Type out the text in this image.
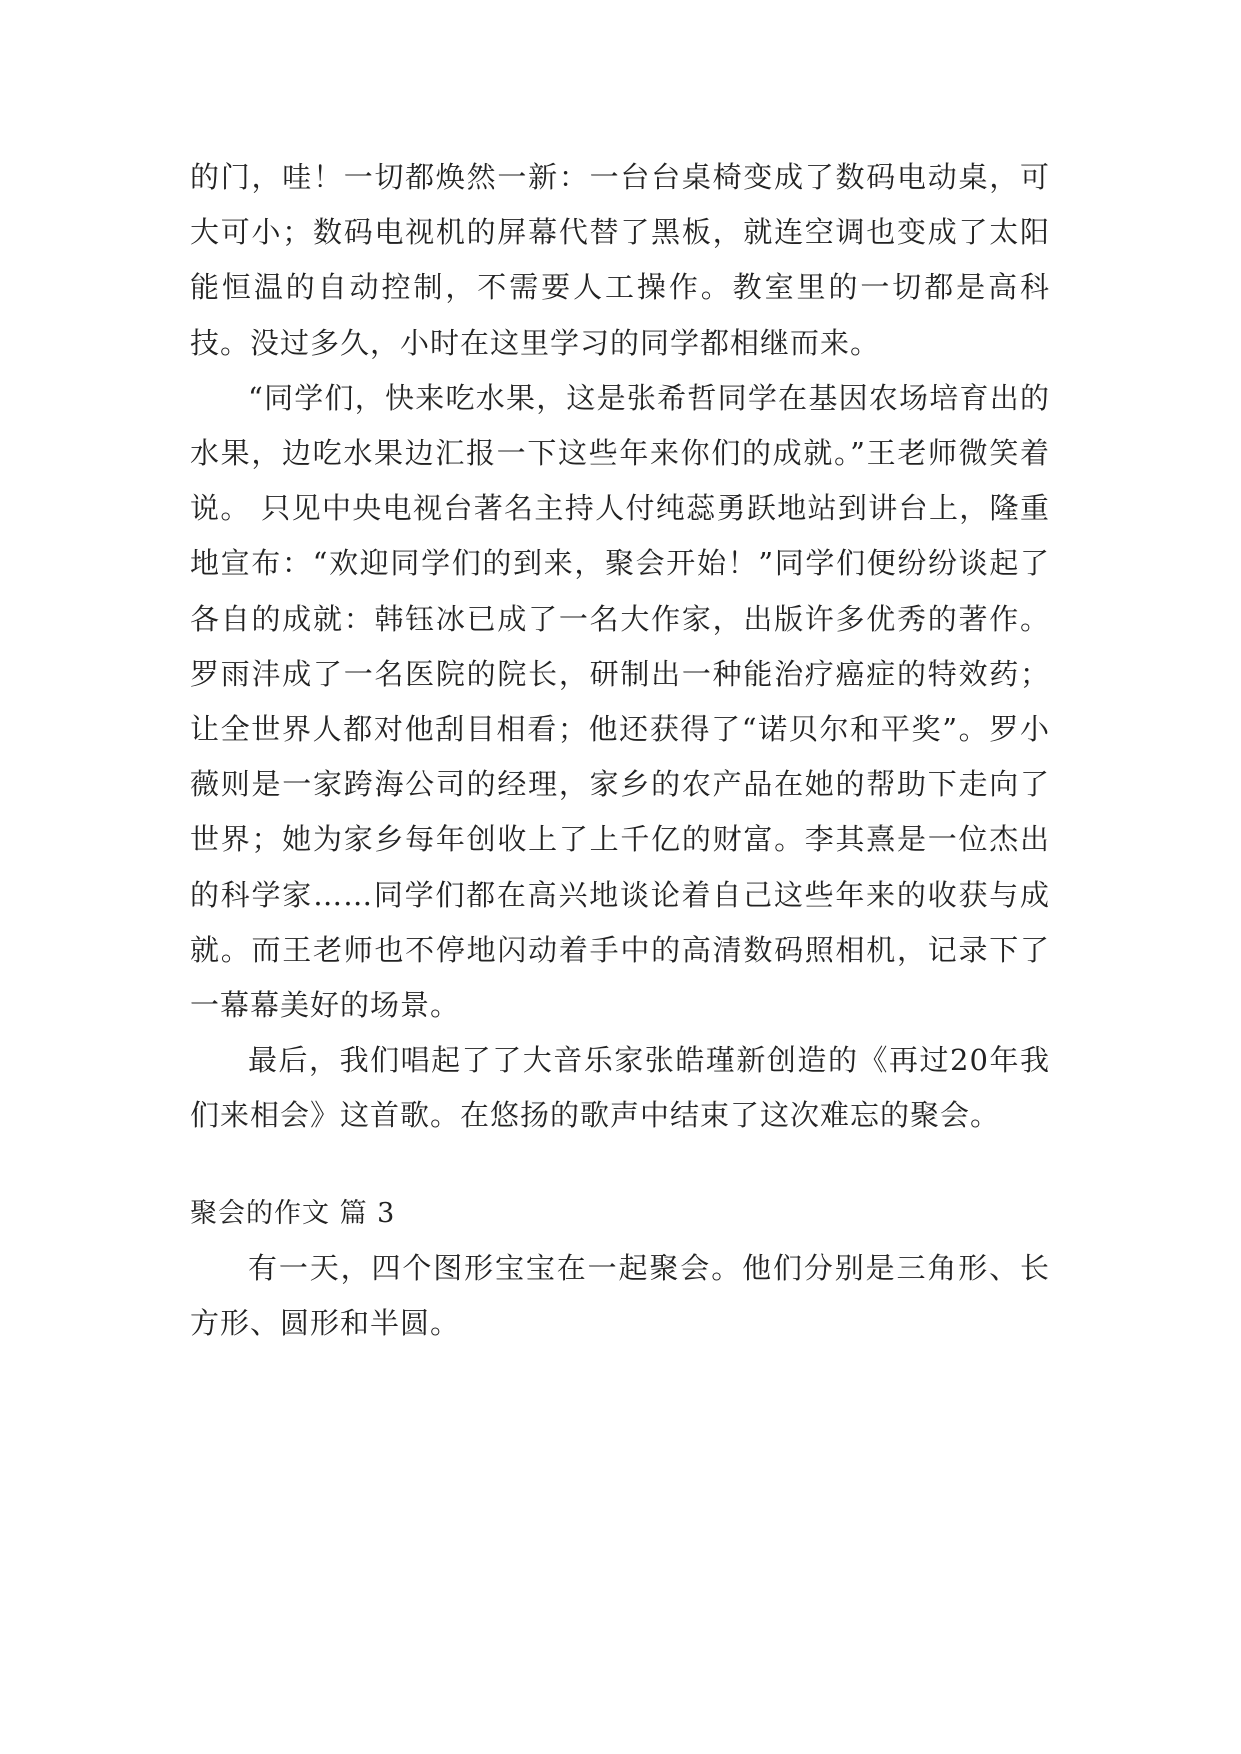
的门，哇！一切都焕然一新：一台台桌椅变成了数码电动桌，可大可小；数码电视机的屏幕代替了黑板，就连空调也变成了太阳能恒温的自动控制，不需要人工操作。教室里的一切都是高科技。没过多久，小时在这里学习的同学都相继而来。

“同学们，快来吃水果，这是张希哲同学在基因农场培育出的水果，边吃水果边汇报一下这些年来你们的成就。”王老师微笑着说。 只见中央电视台著名主持人付纯蕊勇跃地站到讲台上，隆重地宣布：“欢迎同学们的到来，聚会开始！”同学们便纷纷谈起了各自的成就：韩钰冰已成了一名大作家，出版许多优秀的著作。罗雨沣成了一名医院的院长，研制出一种能治疗癌症的特效药；让全世界人都对他刮目相看；他还获得了“诺贝尔和平奖”。罗小薇则是一家跨海公司的经理，家乡的农产品在她的帮助下走向了世界；她为家乡每年创收上了上千亿的财富。李其熹是一位杰出的科学家……同学们都在高兴地谈论着自己这些年来的收获与成就。而王老师也不停地闪动着手中的高清数码照相机，记录下了一幕幕美好的场景。

最后，我们唱起了了大音乐家张皓瑾新创造的《再过20年我们来相会》这首歌。在悠扬的歌声中结束了这次难忘的聚会。

聚会的作文 篇 3

有一天，四个图形宝宝在一起聚会。他们分别是三角形、长方形、圆形和半圆。
